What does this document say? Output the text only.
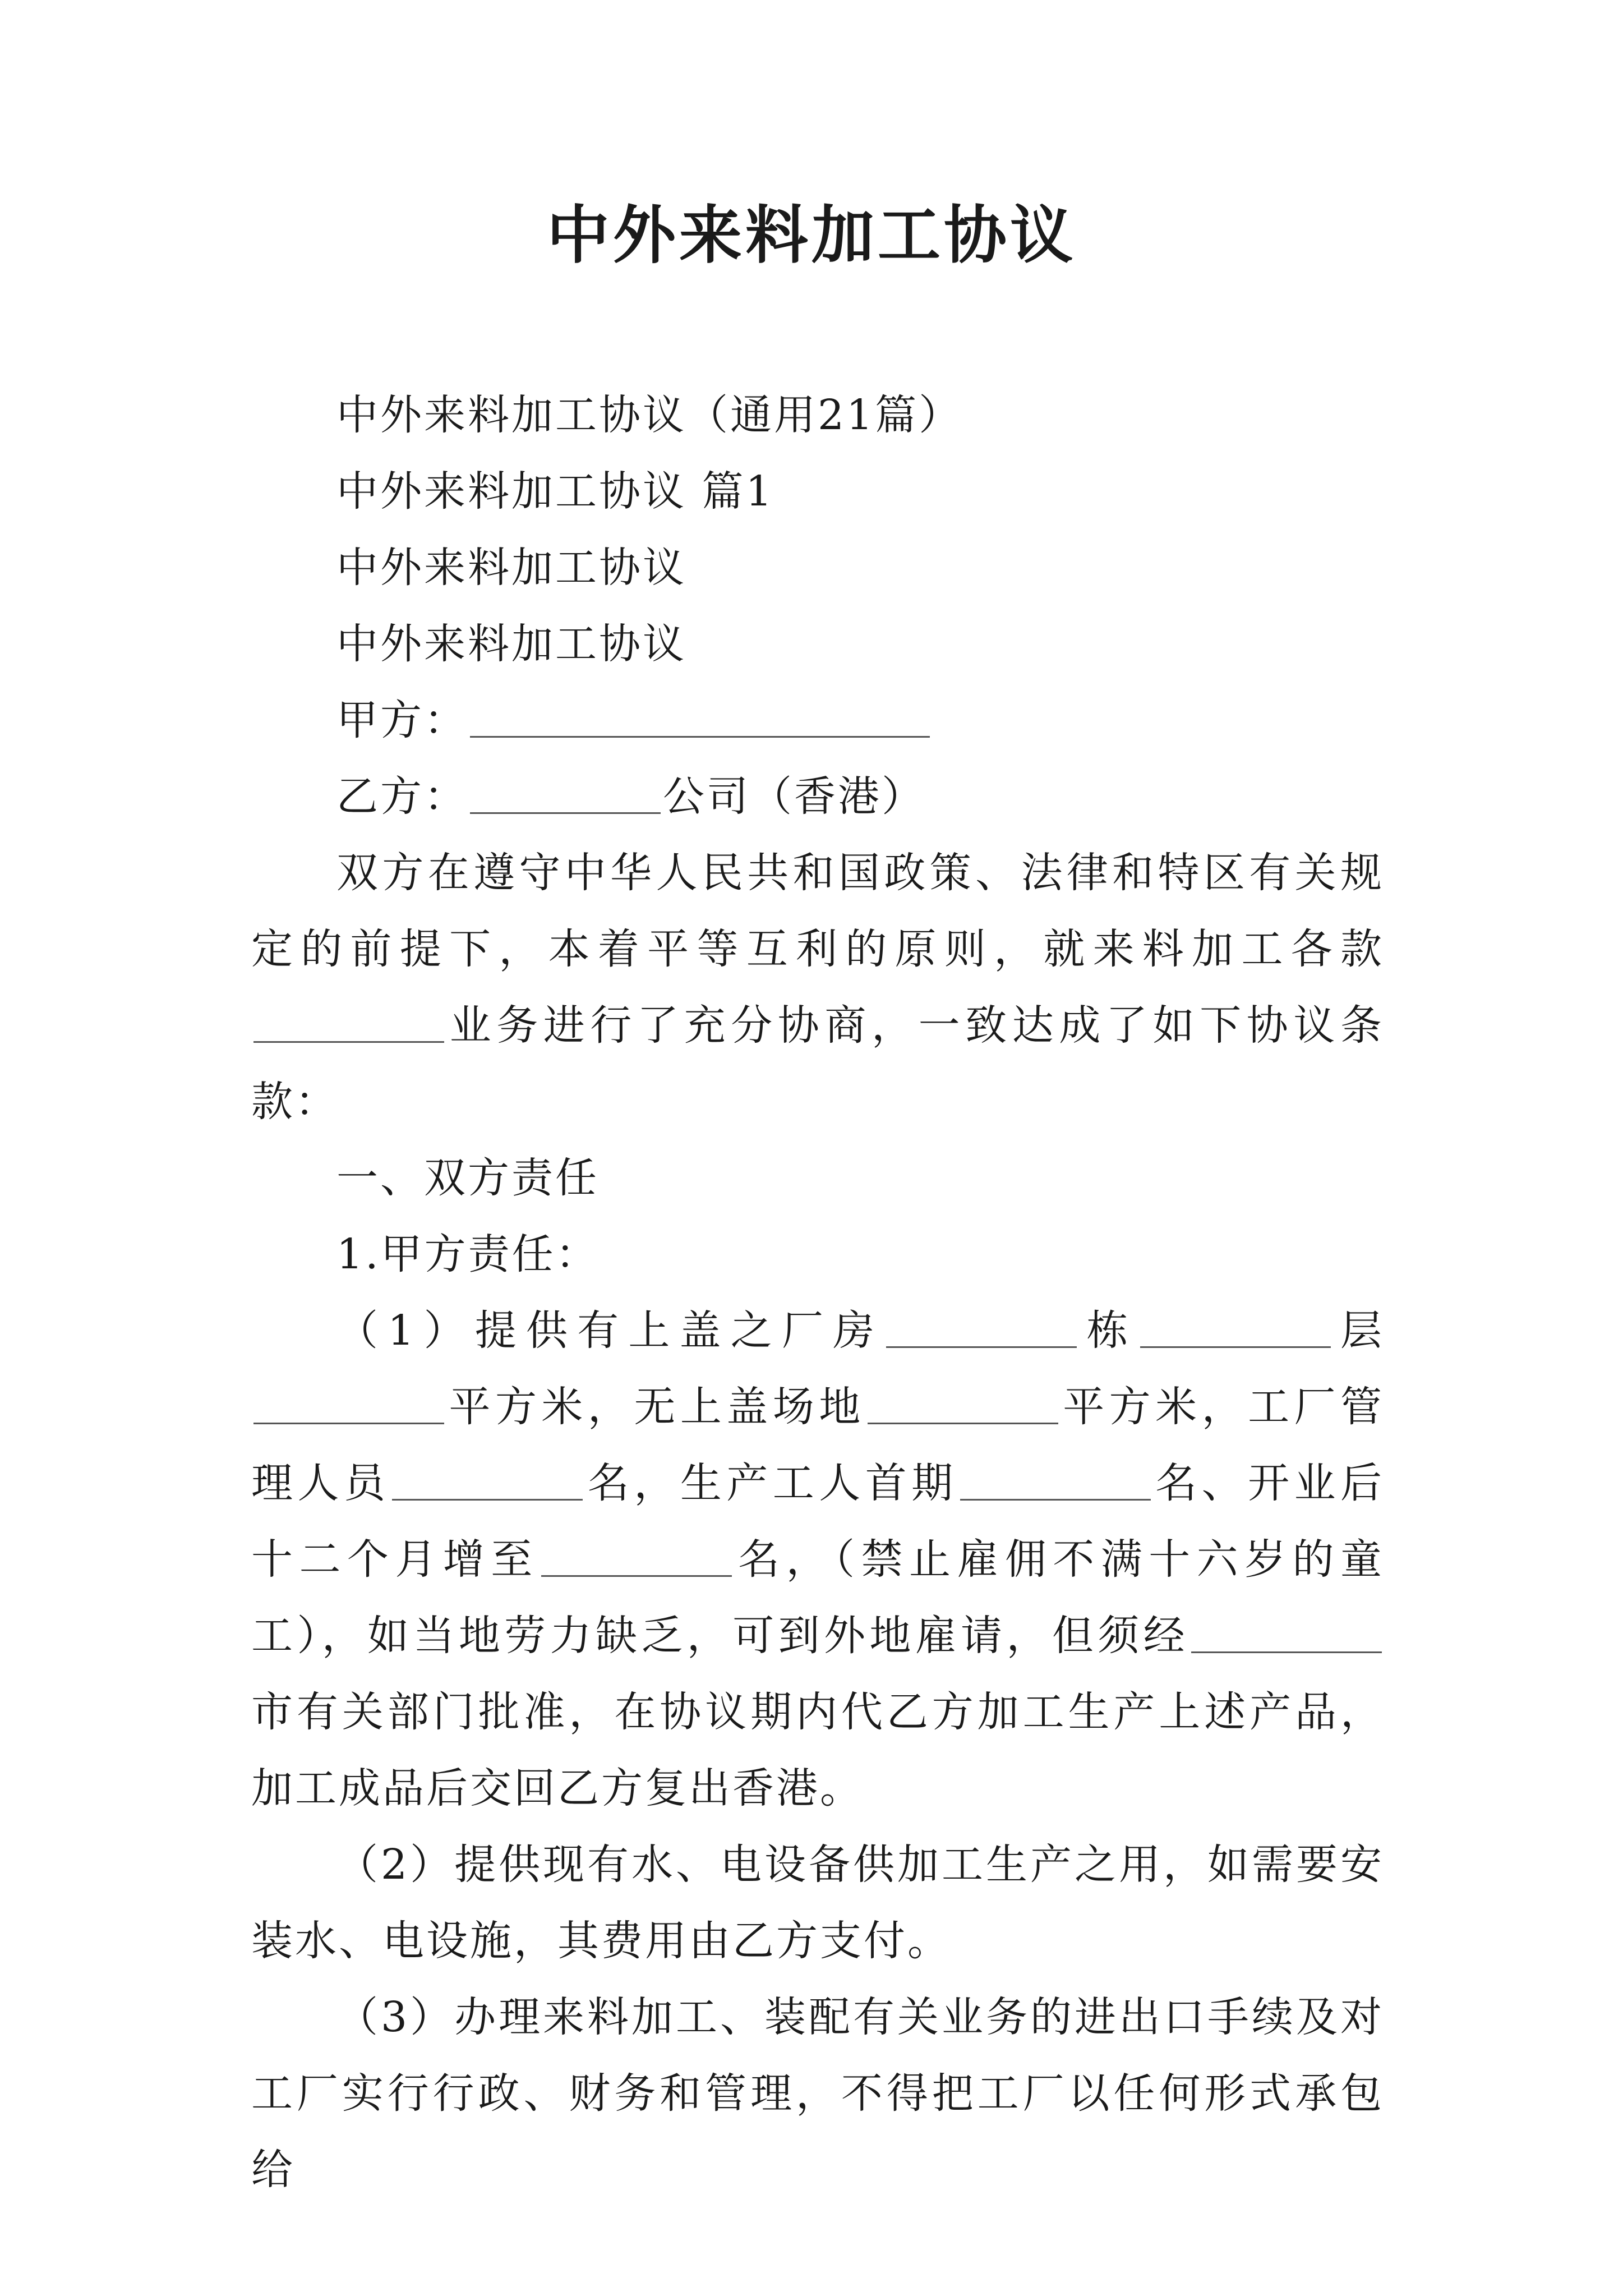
中外来料加工协议

中外来料加工协议（通用21篇）

中外来料加工协议 篇1

中外来料加工协议

中外来料加工协议

甲方：

乙方：	公司（香港）

双方在遵守中华人民共和国政策、法律和特区有关规定的前提下，本着平等互利的原则，就来料加工各款业务进行了充分协商，一致达成了如下协议条款：

一、双方责任

1.甲方责任：

（1）提供有上盖之厂房	栋	层平方米，无上盖场地	平方米，工厂管理人员	名，生产工人首期	名、开业后十二个月增至	名，（禁止雇佣不满十六岁的童工），如当地劳力缺乏，可到外地雇请，但须经市有关部门批准，在协议期内代乙方加工生产上述产品，加工成品后交回乙方复出香港。

（2）提供现有水、电设备供加工生产之用，如需要安装水、电设施，其费用由乙方支付。

（3）办理来料加工、装配有关业务的进出口手续及对工厂实行行政、财务和管理，不得把工厂以任何形式承包给
